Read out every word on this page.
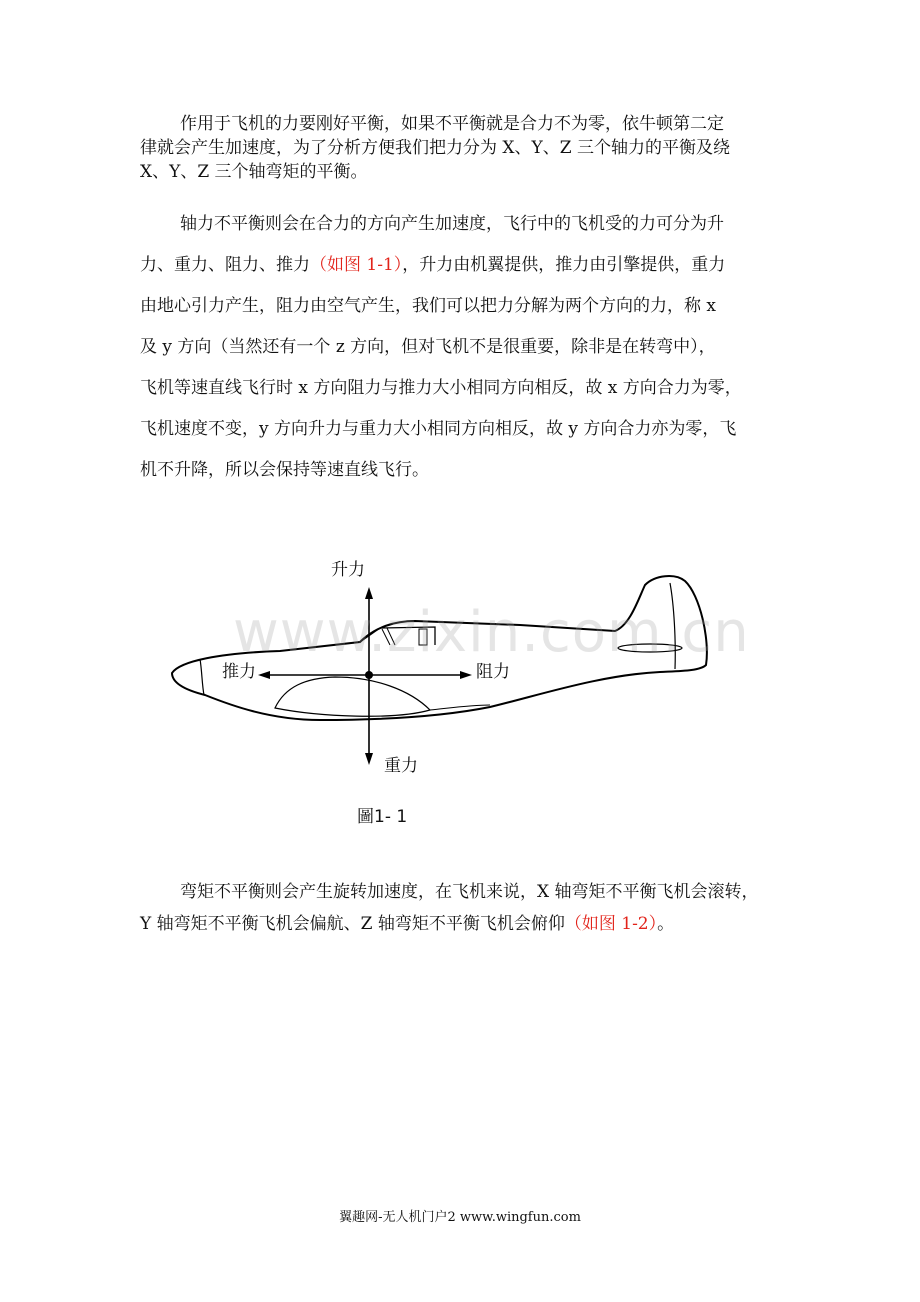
作用于飞机的力要刚好平衡，如果不平衡就是合力不为零，依牛顿第二定
律就会产生加速度，为了分析方便我们把力分为 X、Y、Z 三个轴力的平衡及绕
X、Y、Z 三个轴弯矩的平衡。
轴力不平衡则会在合力的方向产生加速度，飞行中的飞机受的力可分为升
力、重力、阻力、推力（如图 1-1），升力由机翼提供，推力由引擎提供，重力
由地心引力产生，阻力由空气产生，我们可以把力分解为两个方向的力，称 x
及 y 方向（当然还有一个 z 方向，但对飞机不是很重要，除非是在转弯中），
飞机等速直线飞行时 x 方向阻力与推力大小相同方向相反，故 x 方向合力为零，
飞机速度不变，y 方向升力与重力大小相同方向相反，故 y 方向合力亦为零，飞
机不升降，所以会保持等速直线飞行。
升力
推力	阻力
重力
www.zixin.com.cn
圖1- 1
弯矩不平衡则会产生旋转加速度，在飞机来说，X 轴弯矩不平衡飞机会滚转，
Y 轴弯矩不平衡飞机会偏航、Z 轴弯矩不平衡飞机会俯仰（如图 1-2）。
翼趣网-无人机门户2 www.wingfun.com
